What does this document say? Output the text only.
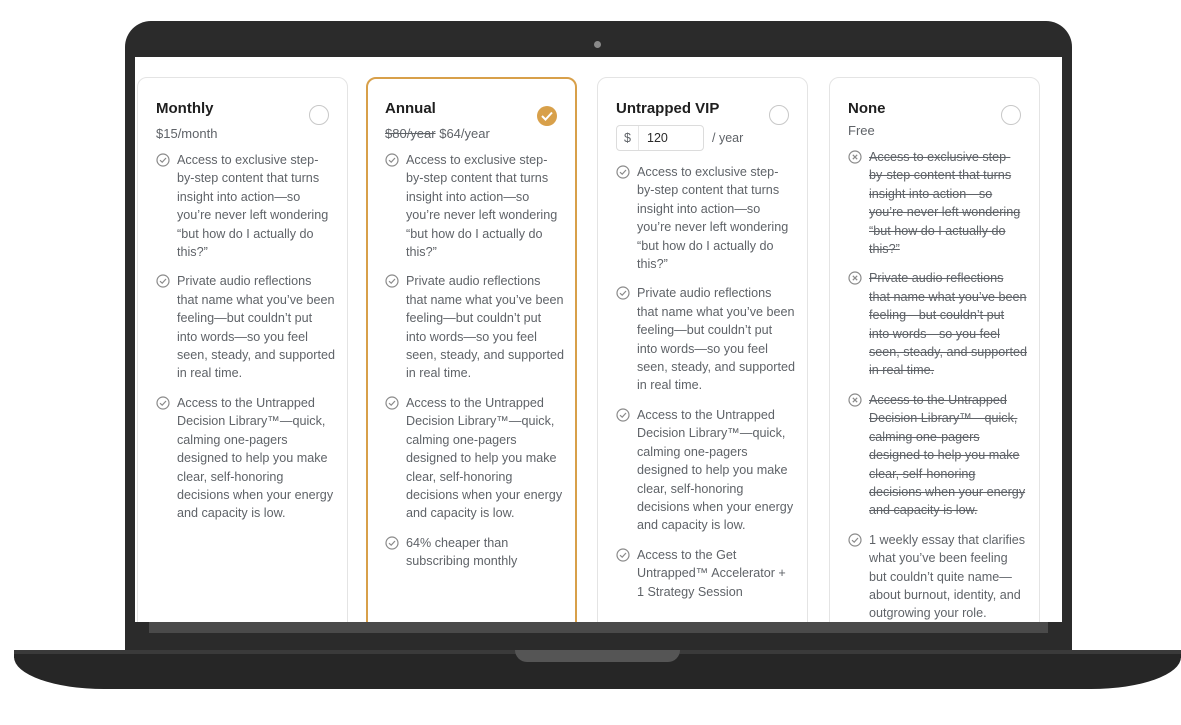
Monthly
$15/month
Access to exclusive step-by-step content that turns insight into action—so you’re never left wondering “but how do I actually do this?”
Private audio reflections that name what you’ve been feeling—but couldn’t put into words—so you feel seen, steady, and supported in real time.
Access to the Untrapped Decision Library™—quick, calming one-pagers designed to help you make clear, self-honoring decisions when your energy and capacity is low.
Annual
$80/year $64/year
Access to exclusive step-by-step content that turns insight into action—so you’re never left wondering “but how do I actually do this?”
Private audio reflections that name what you’ve been feeling—but couldn’t put into words—so you feel seen, steady, and supported in real time.
Access to the Untrapped Decision Library™—quick, calming one-pagers designed to help you make clear, self-honoring decisions when your energy and capacity is low.
64% cheaper than subscribing monthly
Untrapped VIP
$
120	/ year
Access to exclusive step-by-step content that turns insight into action—so you’re never left wondering “but how do I actually do this?”
Private audio reflections that name what you’ve been feeling—but couldn’t put into words—so you feel seen, steady, and supported in real time.
Access to the Untrapped Decision Library™—quick, calming one-pagers designed to help you make clear, self-honoring decisions when your energy and capacity is low.
Access to the Get Untrapped™ Accelerator + 1 Strategy Session
None
Free
Access to exclusive step-by-step content that turns insight into action—so you’re never left wondering “but how do I actually do this?”
Private audio reflections that name what you’ve been feeling—but couldn’t put into words—so you feel seen, steady, and supported in real time.
Access to the Untrapped Decision Library™—quick, calming one-pagers designed to help you make clear, self-honoring decisions when your energy and capacity is low.
1 weekly essay that clarifies what you’ve been feeling but couldn’t quite name—about burnout, identity, and outgrowing your role.
